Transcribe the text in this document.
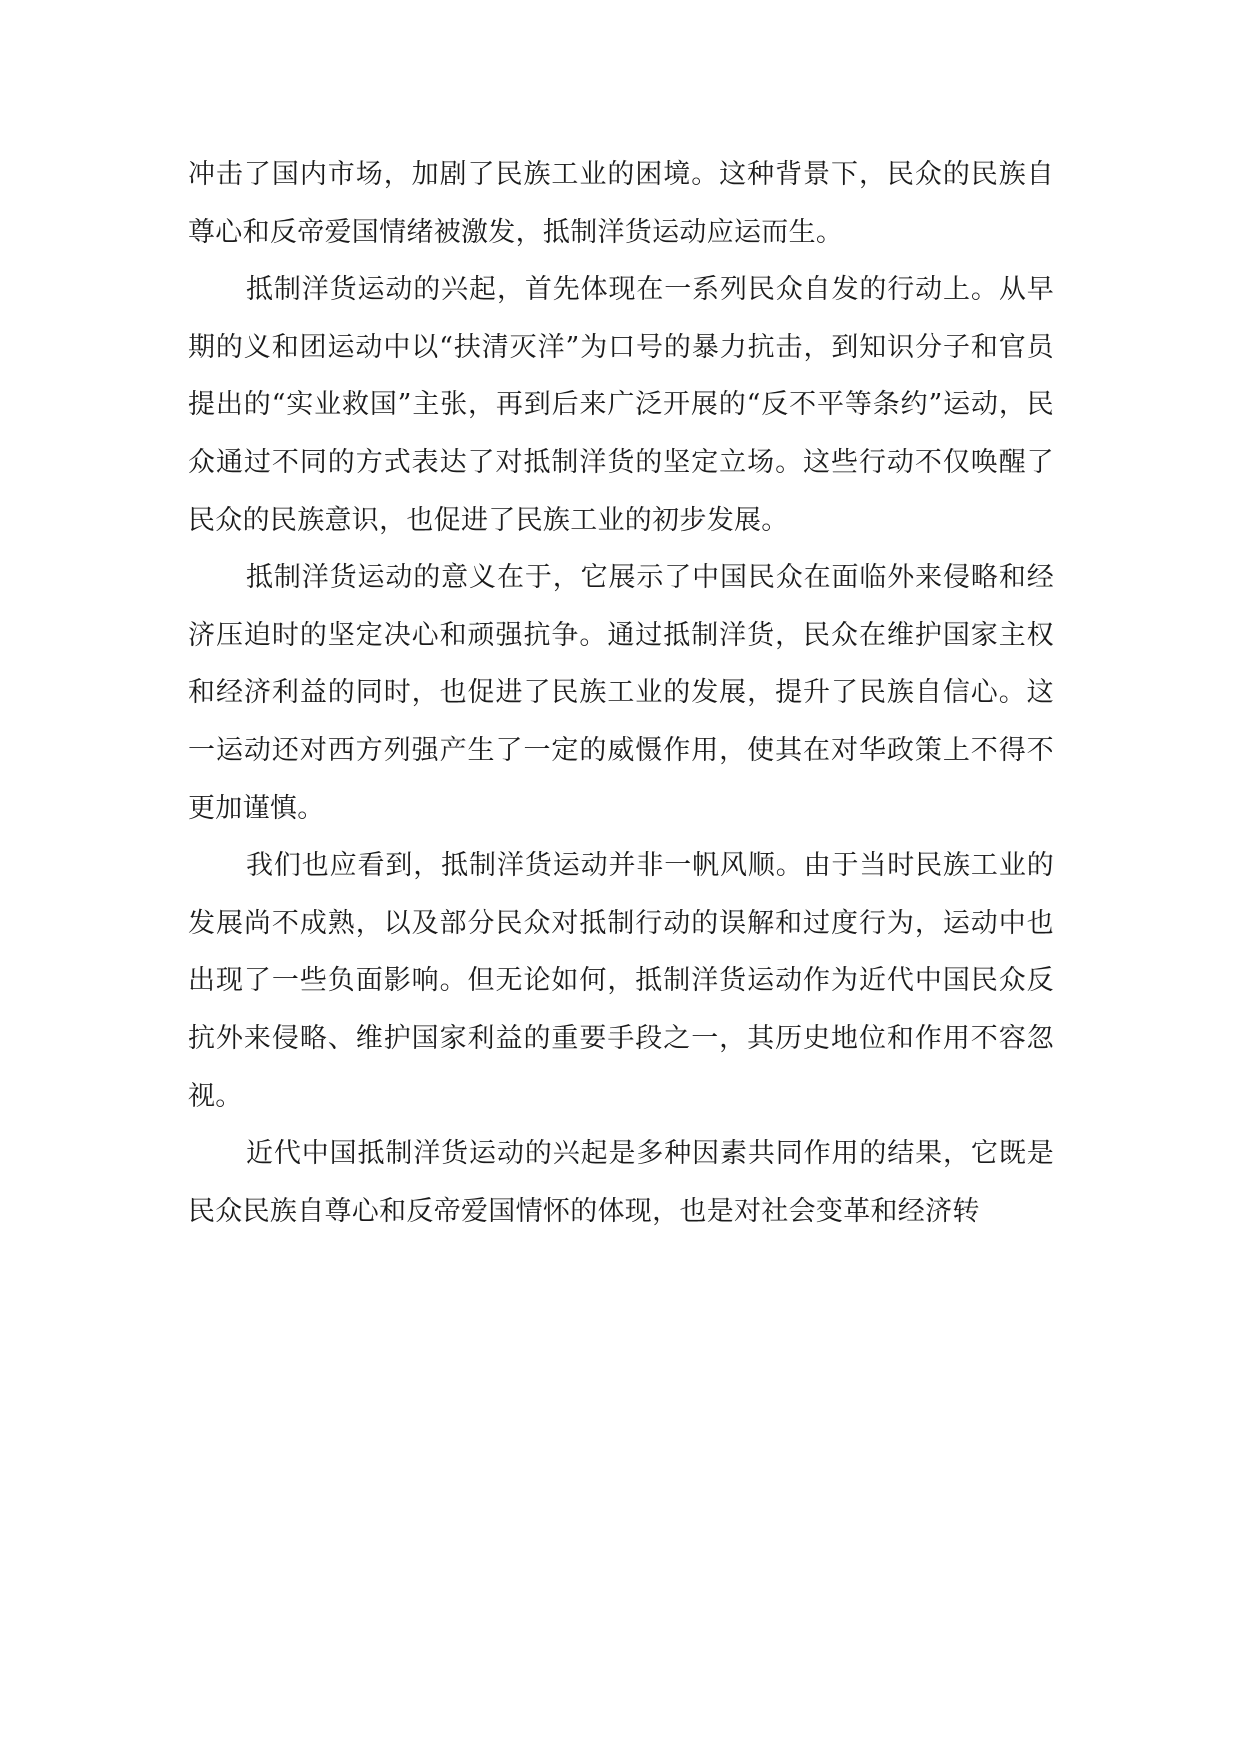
冲击了国内市场，加剧了民族工业的困境。这种背景下，民众的民族自尊心和反帝爱国情绪被激发，抵制洋货运动应运而生。

抵制洋货运动的兴起，首先体现在一系列民众自发的行动上。从早期的义和团运动中以“扶清灭洋”为口号的暴力抗击，到知识分子和官员提出的“实业救国”主张，再到后来广泛开展的“反不平等条约”运动，民众通过不同的方式表达了对抵制洋货的坚定立场。这些行动不仅唤醒了民众的民族意识，也促进了民族工业的初步发展。

抵制洋货运动的意义在于，它展示了中国民众在面临外来侵略和经济压迫时的坚定决心和顽强抗争。通过抵制洋货，民众在维护国家主权和经济利益的同时，也促进了民族工业的发展，提升了民族自信心。这一运动还对西方列强产生了一定的威慑作用，使其在对华政策上不得不更加谨慎。

我们也应看到，抵制洋货运动并非一帆风顺。由于当时民族工业的发展尚不成熟，以及部分民众对抵制行动的误解和过度行为，运动中也出现了一些负面影响。但无论如何，抵制洋货运动作为近代中国民众反抗外来侵略、维护国家利益的重要手段之一，其历史地位和作用不容忽视。

近代中国抵制洋货运动的兴起是多种因素共同作用的结果，它既是民众民族自尊心和反帝爱国情怀的体现，也是对社会变革和经济转
